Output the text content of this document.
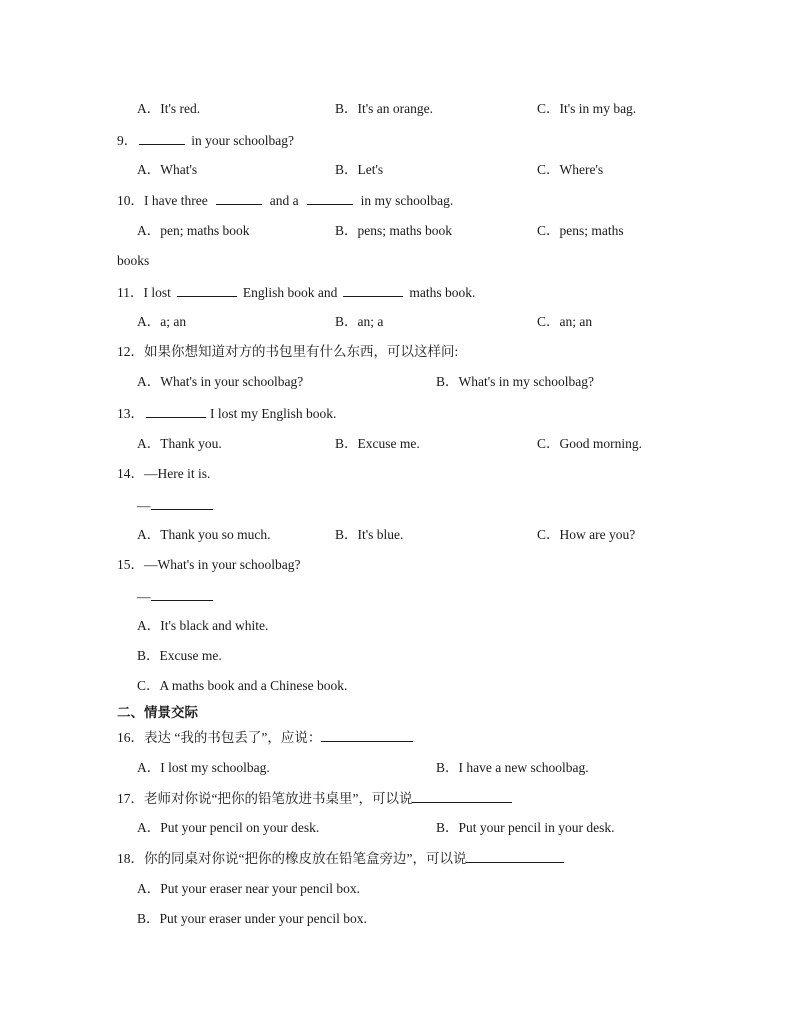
A．It's red.	B．It's an orange.	C．It's in my bag.
9．	in your schoolbag?
A．What's	B．Let's	C．Where's
10．I have three	and a	in my schoolbag.
A．pen; maths book	B．pens; maths book	C．pens; maths
books
11．I lost	English book and	maths book.
A．a; an	B．an; a	C．an; an
12．如果你想知道对方的书包里有什么东西，可以这样问:
A．What's in your schoolbag?	B．What's in my schoolbag?
13．	I lost my English book.
A．Thank you.	B．Excuse me.	C．Good morning.
14．—Here it is.
—
A．Thank you so much.	B．It's blue.	C．How are you?
15．—What's in your schoolbag?
—
A．It's black and white.
B．Excuse me.
C．A maths book and a Chinese book.
二、情景交际
16．表达 “我的书包丢了”，应说：
A．I lost my schoolbag.	B．I have a new schoolbag.
17．老师对你说“把你的铅笔放进书桌里”，可以说
A．Put your pencil on your desk.	B．Put your pencil in your desk.
18．你的同桌对你说“把你的橡皮放在铅笔盒旁边”，可以说
A．Put your eraser near your pencil box.
B．Put your eraser under your pencil box.
